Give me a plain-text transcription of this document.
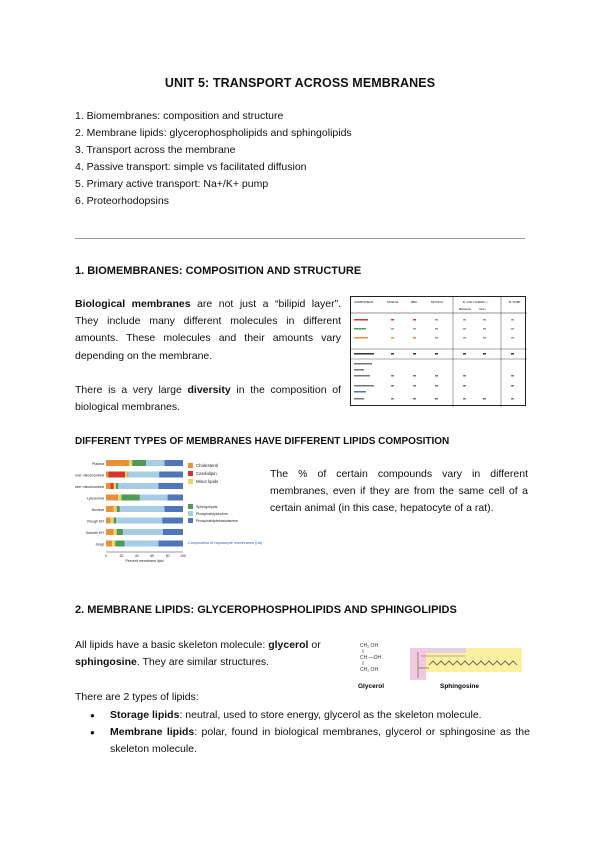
UNIT 5: TRANSPORT ACROSS MEMBRANES
1. Biomembranes: composition and structure
2. Membrane lipids: glycerophospholipids and sphingolipids
3. Transport across the membrane
4. Passive transport: simple vs facilitated diffusion
5. Primary active transport: Na+/K+ pump
6. Proteorhodopsins
1. BIOMEMBRANES: COMPOSITION AND STRUCTURE
Biological membranes are not just a “bilipid layer”. They include many different molecules in different amounts. These molecules and their amounts vary depending on the membrane.
There is a very large diversity in the composition of biological membranes.
COMPONENT	MYELIN	RBC	MITOCH.	E. COLI (GRAM -)	B. SUBT.
Bacterial	Inner
DIFFERENT TYPES OF MEMBRANES HAVE DIFFERENT LIPIDS COMPOSITION
Plasma
Inner mitochondrial
Outer mitochondrial
Lysosomal
Nuclear
Rough ER
Smooth ER
Golgi
0	20	40	60	80	100
Percent membrane lipid
Cholesterol
Cardiolipin
Minor lipids
Sphingolipids
Phosphatidylcholine
Phosphatidylethanolamine
Composition of hepatocyte membranes (rat)
The % of certain compounds vary in different membranes, even if they are from the same cell of a certain animal (in this case, hepatocyte of a rat).
2. MEMBRANE LIPIDS: GLYCEROPHOSPHOLIPIDS AND SPHINGOLIPIDS
All lipids have a basic skeleton molecule: glycerol or sphingosine. They are similar structures.
CH₂ OH
CH —OH
CH₂ OH
Glycerol	Sphingosine
There are 2 types of lipids:
● Storage lipids: neutral, used to store energy, glycerol as the skeleton molecule.
● Membrane lipids: polar, found in biological membranes, glycerol or sphingosine as the skeleton molecule.
